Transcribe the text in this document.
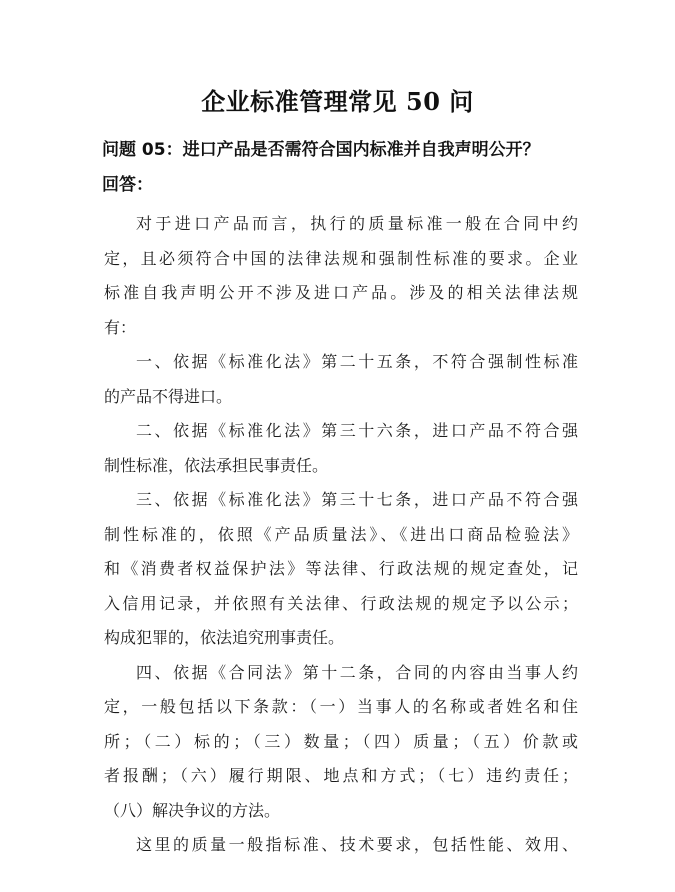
企业标准管理常见 50 问
问题 05：进口产品是否需符合国内标准并自我声明公开？
回答：
对于进口产品而言，执行的质量标准一般在合同中约
定，且必须符合中国的法律法规和强制性标准的要求。企业
标准自我声明公开不涉及进口产品。涉及的相关法律法规
有：
一、依据《标准化法》第二十五条，不符合强制性标准
的产品不得进口。
二、依据《标准化法》第三十六条，进口产品不符合强
制性标准，依法承担民事责任。
三、依据《标准化法》第三十七条，进口产品不符合强
制性标准的，依照《产品质量法》、《进出口商品检验法》
和《消费者权益保护法》等法律、行政法规的规定查处，记
入信用记录，并依照有关法律、行政法规的规定予以公示；
构成犯罪的，依法追究刑事责任。
四、依据《合同法》第十二条，合同的内容由当事人约
定，一般包括以下条款：（一）当事人的名称或者姓名和住
所；（二）标的；（三）数量；（四）质量；（五）价款或
者报酬；（六）履行期限、地点和方式；（七）违约责任；
（八）解决争议的方法。
这里的质量一般指标准、技术要求，包括性能、效用、
